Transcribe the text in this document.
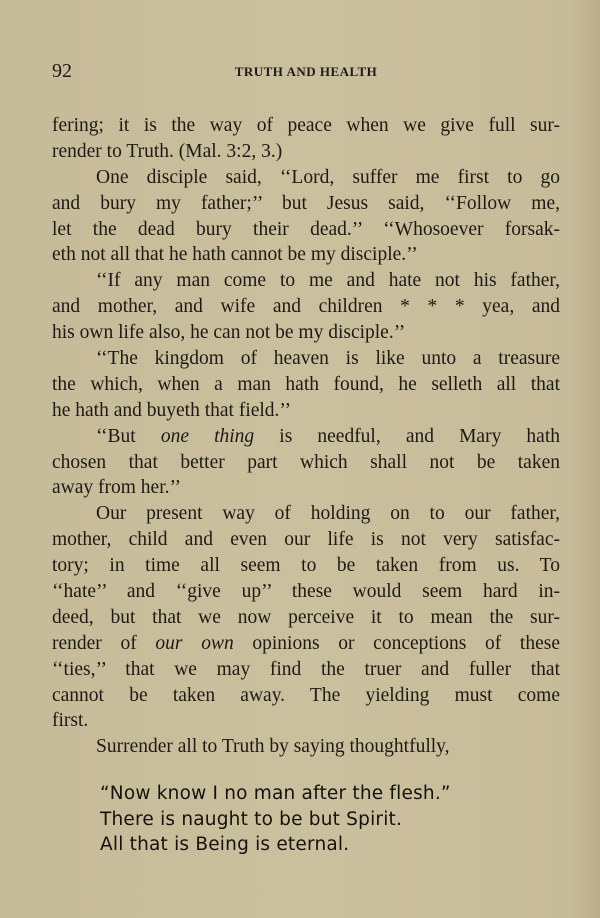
92	TRUTH AND HEALTH
fering; it is the way of peace when we give full sur-
render to Truth. (Mal. 3:2, 3.)
One disciple said, ‘‘Lord, suffer me first to go
and bury my father;’’ but Jesus said, ‘‘Follow me,
let the dead bury their dead.’’ ‘‘Whosoever forsak-
eth not all that he hath cannot be my disciple.’’
‘‘If any man come to me and hate not his father,
and mother, and wife and children * * * yea, and
his own life also, he can not be my disciple.’’
‘‘The kingdom of heaven is like unto a treasure
the which, when a man hath found, he selleth all that
he hath and buyeth that field.’’
‘‘But one thing is needful, and Mary hath
chosen that better part which shall not be taken
away from her.’’
Our present way of holding on to our father,
mother, child and even our life is not very satisfac-
tory; in time all seem to be taken from us. To
‘‘hate’’ and ‘‘give up’’ these would seem hard in-
deed, but that we now perceive it to mean the sur-
render of our own opinions or conceptions of these
‘‘ties,’’ that we may find the truer and fuller that
cannot be taken away. The yielding must come
first.
Surrender all to Truth by saying thoughtfully,
“Now know I no man after the flesh.”
There is naught to be but Spirit.
All that is Being is eternal.
